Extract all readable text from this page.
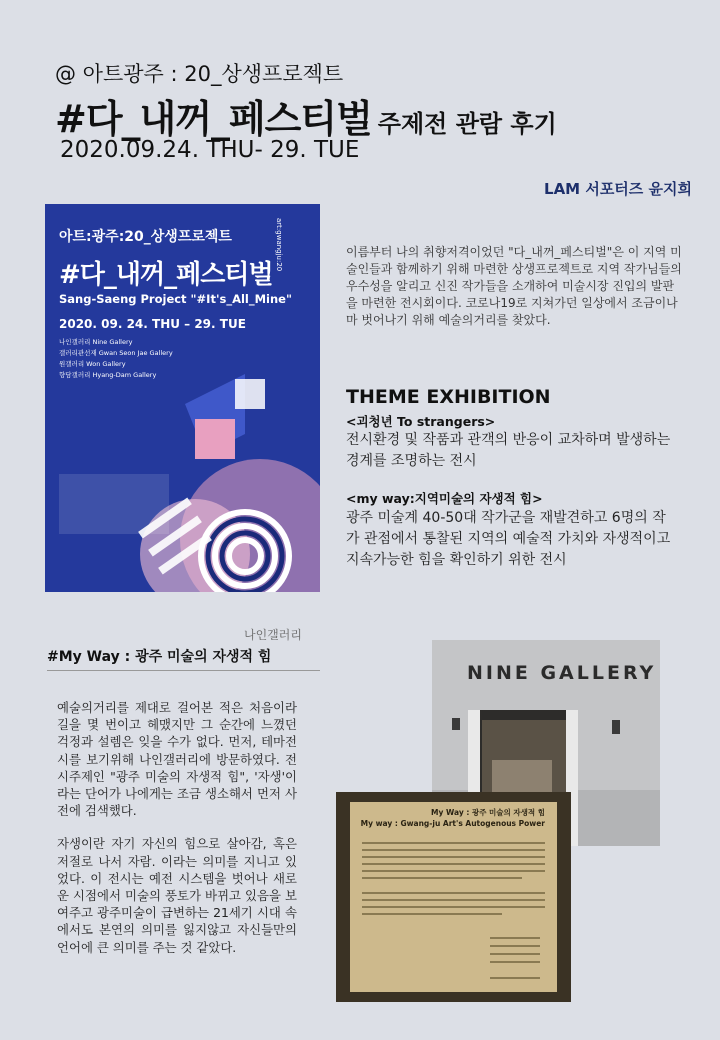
@ 아트광주 : 20_상생프로젝트
#다_내꺼_페스티벌 주제전 관람 후기
2020.09.24. THU- 29. TUE
LAM 서포터즈 윤지희
아트:광주:20_상생프로젝트
#다_내꺼_페스티벌
Sang-Saeng Project "#It's_All_Mine"
2020. 09. 24. THU – 29. TUE
나인갤러리 Nine Gallery
갤러리관선재 Gwan Seon Jae Gallery
원갤러리 Won Gallery
향담갤러리 Hyang-Dam Gallery
art:gwangju:20	이름부터 나의 취향저격이었던 "다_내꺼_페스티벌"은 이 지역 미술인들과 함께하기 위해 마련한 상생프로젝트로 지역 작가님들의 우수성을 알리고 신진 작가들을 소개하여 미술시장 진입의 발판을 마련한 전시회이다. 코로나19로 지쳐가던 일상에서 조금이나마 벗어나기 위해 예술의거리를 찾았다.
THEME EXHIBITION
<괴청년 To strangers>
전시환경 및 작품과 관객의 반응이 교차하며 발생하는 경계를 조명하는 전시
<my way:지역미술의 자생적 힘>
광주 미술계 40-50대 작가군을 재발견하고 6명의 작가 관점에서 통찰된 지역의 예술적 가치와 자생적이고 지속가능한 힘을 확인하기 위한 전시
나인갤러리
#My Way : 광주 미술의 자생적 힘

예술의거리를 제대로 걸어본 적은 처음이라 길을 몇 번이고 헤맸지만 그 순간에 느꼈던 걱정과 설렘은 잊을 수가 없다. 먼저, 테마전시를 보기위해 나인갤러리에 방문하였다. 전시주제인 "광주 미술의 자생적 힘", '자생'이라는 단어가 나에게는 조금 생소해서 먼저 사전에 검색했다.

자생이란 자기 자신의 힘으로 살아감, 혹은 저절로 나서 자람. 이라는 의미를 지니고 있었다. 이 전시는 예전 시스템을 벗어나 새로운 시점에서 미술의 풍토가 바뀌고 있음을 보여주고 광주미술이 급변하는 21세기 시대 속에서도 본연의 의미를 잃지않고 자신들만의 언어에 큰 의미를 주는 것 같았다.

NINE GALLERY
My Way : 광주 미술의 자생적 힘
My way : Gwang-ju Art's Autogenous Power
